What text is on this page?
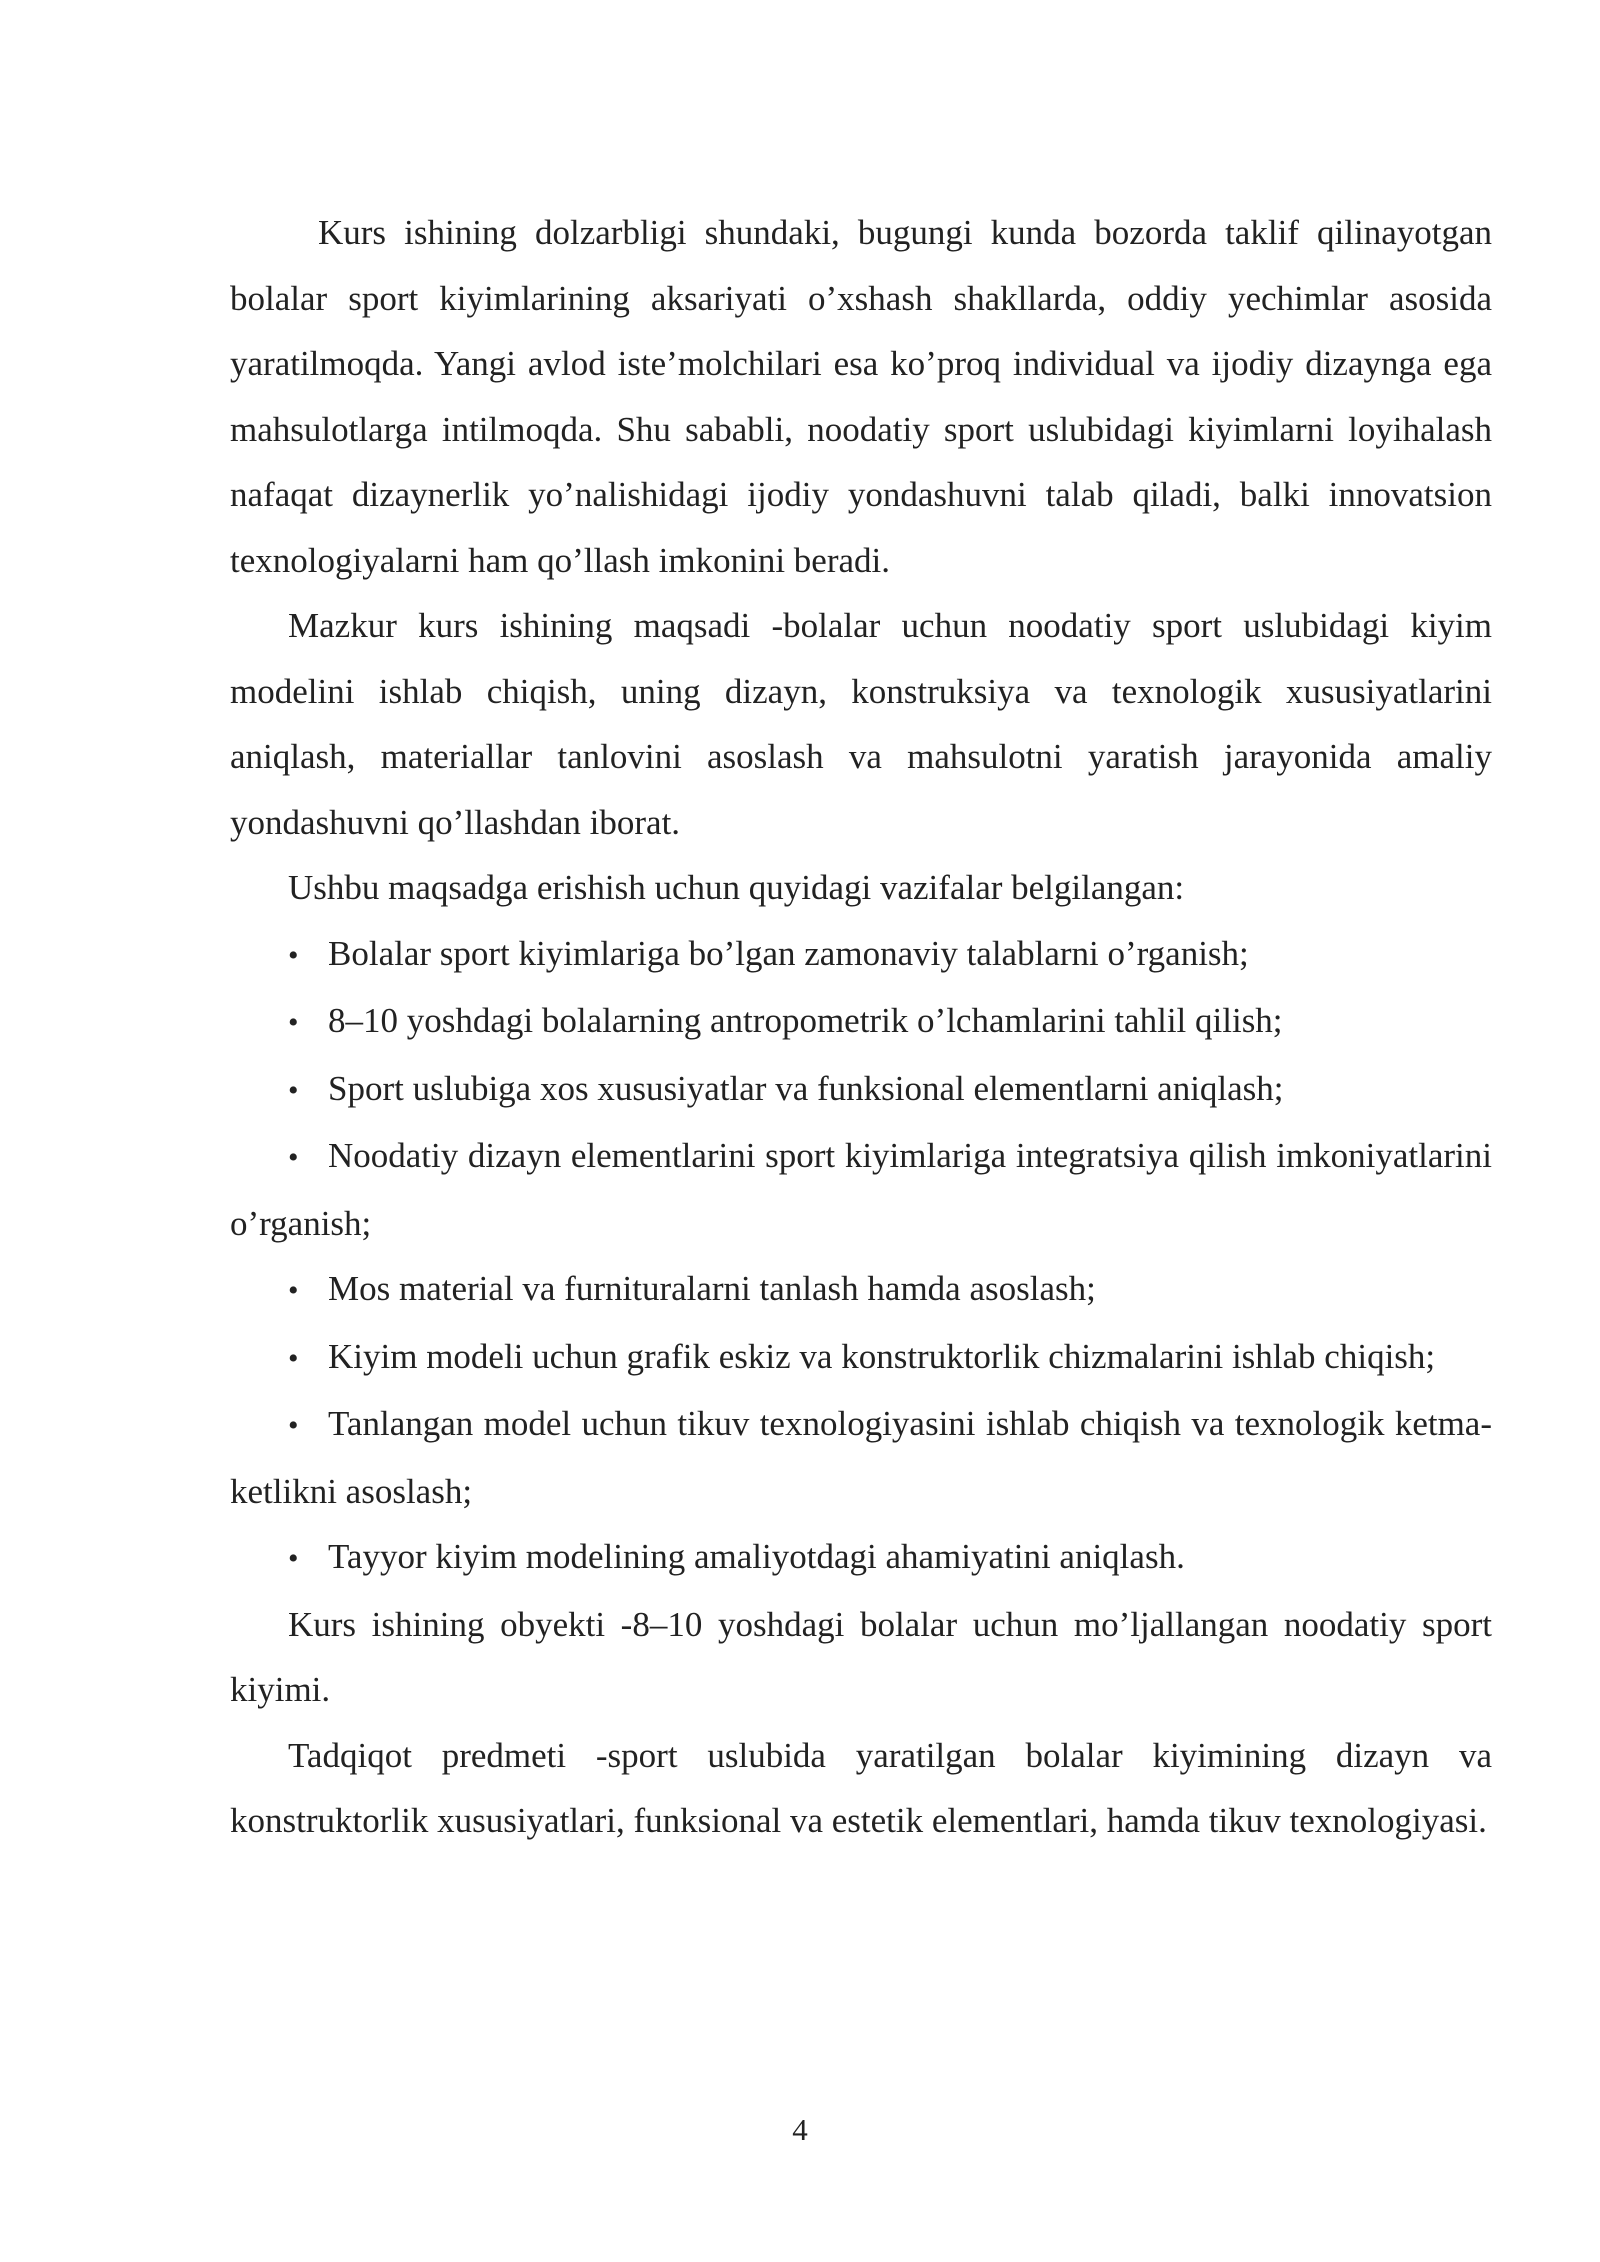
Kurs ishining dolzarbligi shundaki, bugungi kunda bozorda taklif qilinayotgan bolalar sport kiyimlarining aksariyati o’xshash shakllarda, oddiy yechimlar asosida yaratilmoqda. Yangi avlod iste’molchilari esa ko’proq individual va ijodiy dizaynga ega mahsulotlarga intilmoqda. Shu sababli, noodatiy sport uslubidagi kiyimlarni loyihalash nafaqat dizaynerlik yo’nalishidagi ijodiy yondashuvni talab qiladi, balki innovatsion texnologiyalarni ham qo’llash imkonini beradi.

Mazkur kurs ishining maqsadi -bolalar uchun noodatiy sport uslubidagi kiyim modelini ishlab chiqish, uning dizayn, konstruksiya va texnologik xususiyatlarini aniqlash, materiallar tanlovini asoslash va mahsulotni yaratish jarayonida amaliy yondashuvni qo’llashdan iborat.

Ushbu maqsadga erishish uchun quyidagi vazifalar belgilangan:

• Bolalar sport kiyimlariga bo’lgan zamonaviy talablarni o’rganish;

• 8–10 yoshdagi bolalarning antropometrik o’lchamlarini tahlil qilish;

• Sport uslubiga xos xususiyatlar va funksional elementlarni aniqlash;

• Noodatiy dizayn elementlarini sport kiyimlariga integratsiya qilish imkoniyatlarini o’rganish;

• Mos material va furnituralarni tanlash hamda asoslash;

• Kiyim modeli uchun grafik eskiz va konstruktorlik chizmalarini ishlab chiqish;

• Tanlangan model uchun tikuv texnologiyasini ishlab chiqish va texnologik ketma-ketlikni asoslash;

• Tayyor kiyim modelining amaliyotdagi ahamiyatini aniqlash.

Kurs ishining obyekti -8–10 yoshdagi bolalar uchun mo’ljallangan noodatiy sport kiyimi.

Tadqiqot predmeti -sport uslubida yaratilgan bolalar kiyimining dizayn va konstruktorlik xususiyatlari, funksional va estetik elementlari, hamda tikuv texnologiyasi.

4
